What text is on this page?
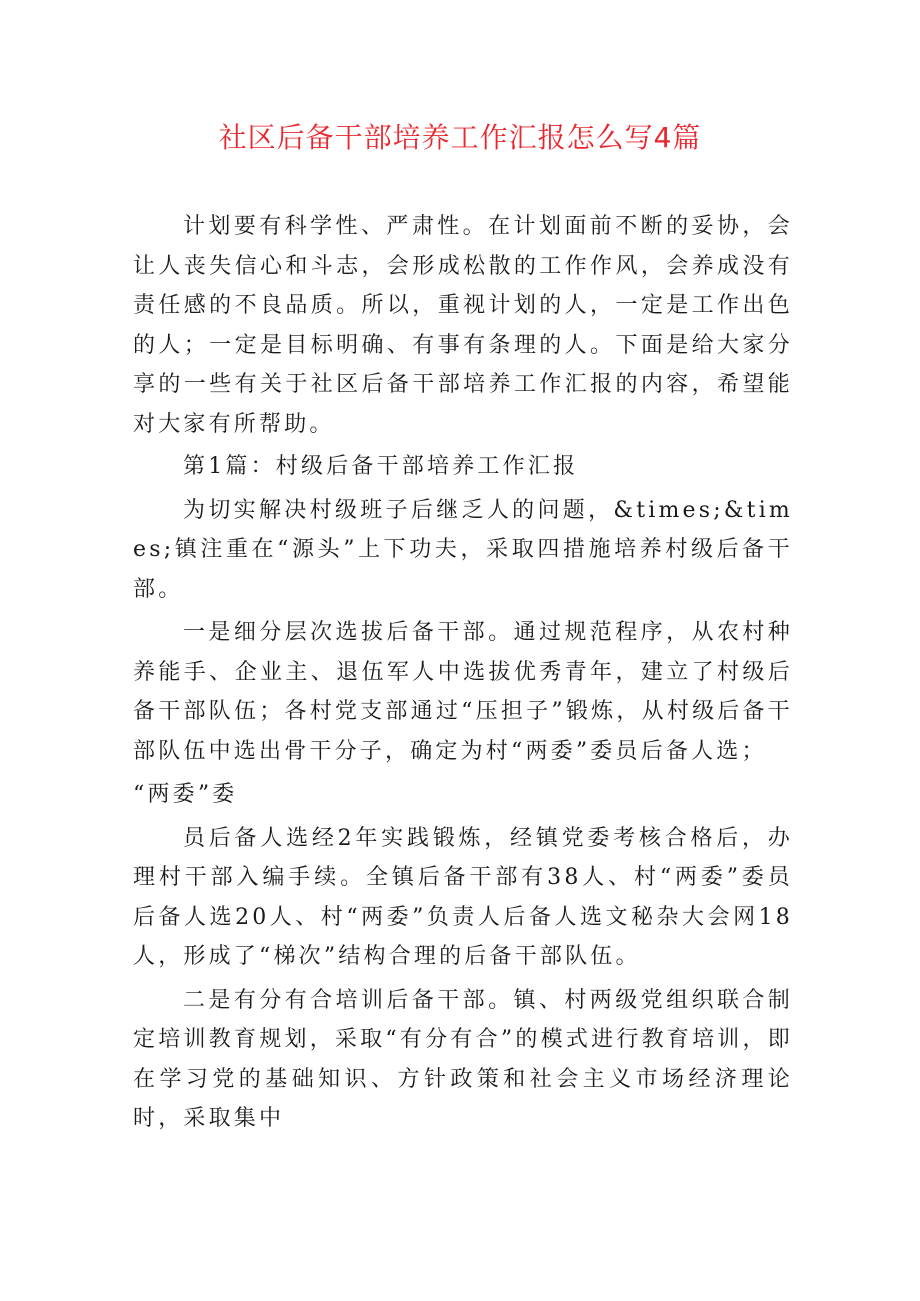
社区后备干部培养工作汇报怎么写4篇

计划要有科学性、严肃性。在计划面前不断的妥协，会让人丧失信心和斗志，会形成松散的工作作风，会养成没有责任感的不良品质。所以，重视计划的人，一定是工作出色的人；一定是目标明确、有事有条理的人。下面是给大家分享的一些有关于社区后备干部培养工作汇报的内容，希望能对大家有所帮助。

第1篇：村级后备干部培养工作汇报

为切实解决村级班子后继乏人的问题，&times;&times;镇注重在“源头”上下功夫，采取四措施培养村级后备干部。

一是细分层次选拔后备干部。通过规范程序，从农村种养能手、企业主、退伍军人中选拔优秀青年，建立了村级后备干部队伍；各村党支部通过“压担子”锻炼，从村级后备干部队伍中选出骨干分子，确定为村“两委”委员后备人选；

“两委”委

员后备人选经2年实践锻炼，经镇党委考核合格后，办理村干部入编手续。全镇后备干部有38人、村“两委”委员后备人选20人、村“两委”负责人后备人选文秘杂大会网18人，形成了“梯次”结构合理的后备干部队伍。

二是有分有合培训后备干部。镇、村两级党组织联合制定培训教育规划，采取“有分有合”的模式进行教育培训，即在学习党的基础知识、方针政策和社会主义市场经济理论时，采取集中
